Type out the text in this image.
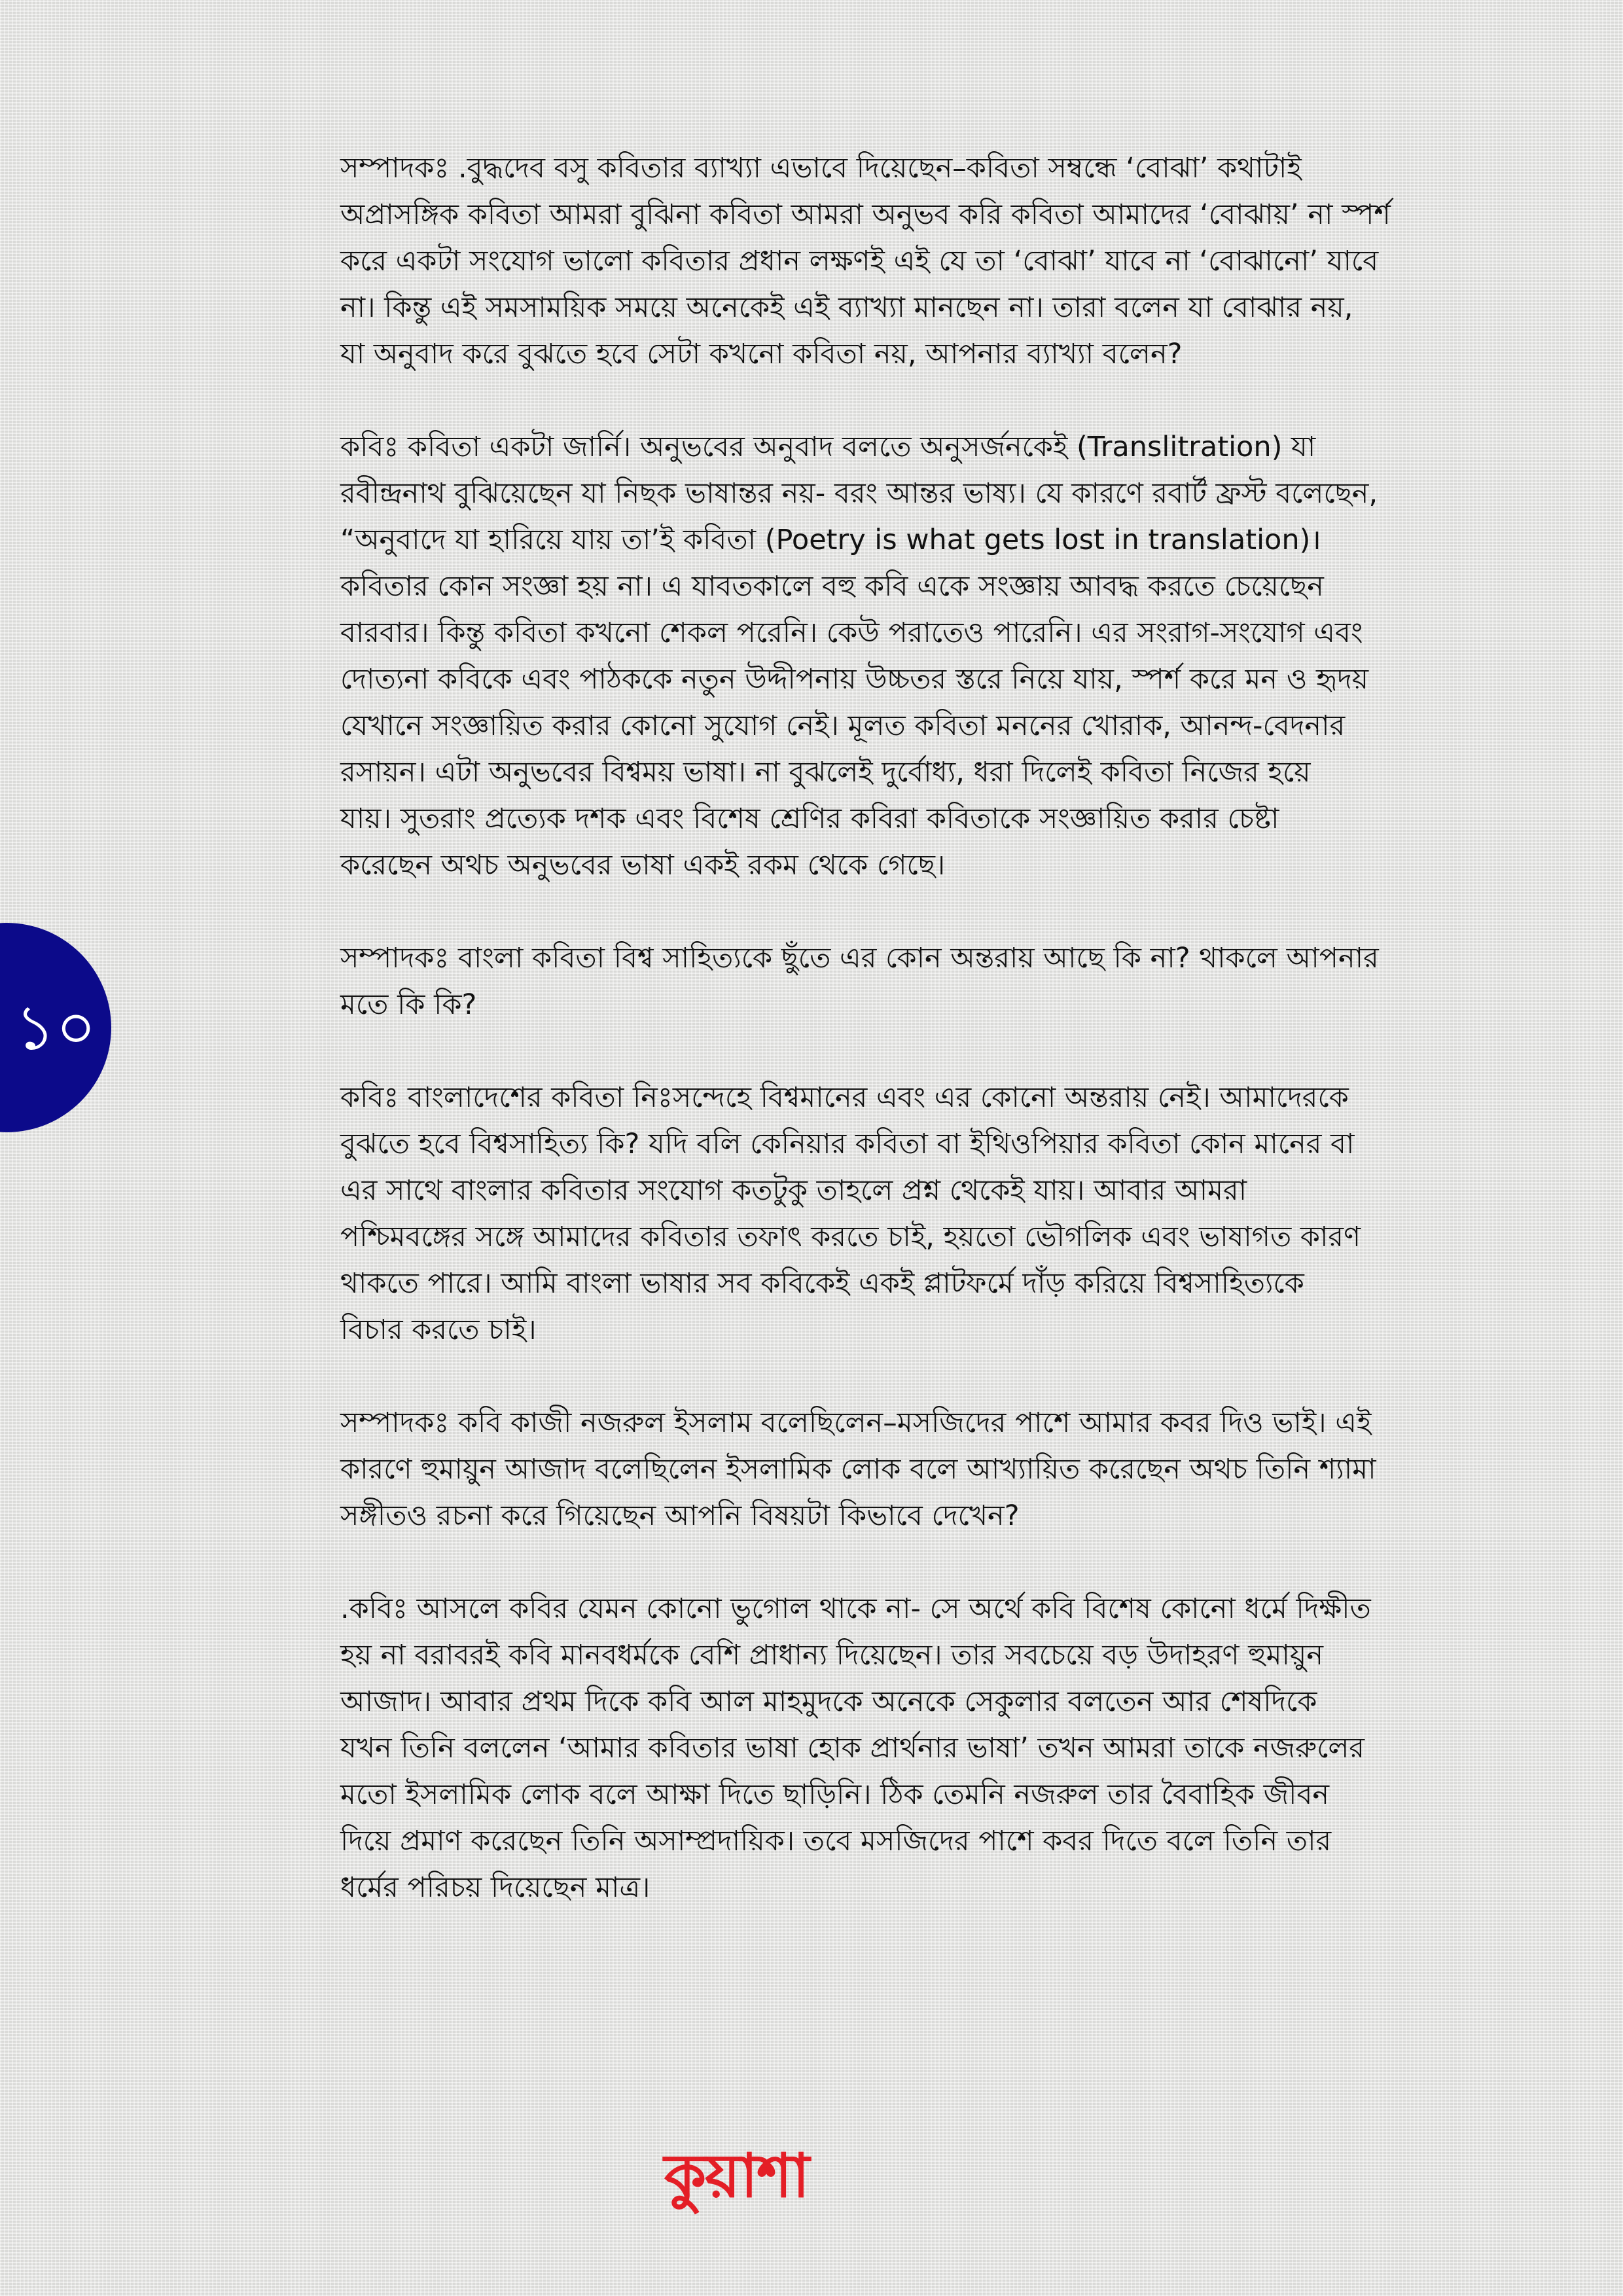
সম্পাদকঃ .বুদ্ধদেব বসু কবিতার ব্যাখ্যা এভাবে দিয়েছেন–কবিতা সম্বন্ধে ‘বোঝা’ কথাটাই
অপ্রাসঙ্গিক কবিতা আমরা বুঝিনা কবিতা আমরা অনুভব করি কবিতা আমাদের ‘বোঝায়’ না স্পর্শ
করে একটা সংযোগ ভালো কবিতার প্রধান লক্ষণই এই যে তা ‘বোঝা’ যাবে না ‘বোঝানো’ যাবে
না। কিন্তু এই সমসাময়িক সময়ে অনেকেই এই ব্যাখ্যা মানছেন না। তারা বলেন যা বোঝার নয়,
যা অনুবাদ করে বুঝতে হবে সেটা কখনো কবিতা নয়, আপনার ব্যাখ্যা বলেন?
কবিঃ কবিতা একটা জার্নি। অনুভবের অনুবাদ বলতে অনুসর্জনকেই (Translitration) যা
রবীন্দ্রনাথ বুঝিয়েছেন যা নিছক ভাষান্তর নয়- বরং আন্তর ভাষ্য। যে কারণে রবার্ট ফ্রস্ট বলেছেন,
“অনুবাদে যা হারিয়ে যায় তা’ই কবিতা (Poetry is what gets lost in translation)।
কবিতার কোন সংজ্ঞা হয় না। এ যাবতকালে বহু কবি একে সংজ্ঞায় আবদ্ধ করতে চেয়েছেন
বারবার। কিন্তু কবিতা কখনো শেকল পরেনি। কেউ পরাতেও পারেনি। এর সংরাগ-সংযোগ এবং
দোত্যনা কবিকে এবং পাঠককে নতুন উদ্দীপনায় উচ্চতর স্তরে নিয়ে যায়, স্পর্শ করে মন ও হৃদয়
যেখানে সংজ্ঞায়িত করার কোনো সুযোগ নেই। মূলত কবিতা মননের খোরাক, আনন্দ-বেদনার
রসায়ন। এটা অনুভবের বিশ্বময় ভাষা। না বুঝলেই দুর্বোধ্য, ধরা দিলেই কবিতা নিজের হয়ে
যায়। সুতরাং প্রত্যেক দশক এবং বিশেষ শ্রেণির কবিরা কবিতাকে সংজ্ঞায়িত করার চেষ্টা
করেছেন অথচ অনুভবের ভাষা একই রকম থেকে গেছে।
সম্পাদকঃ বাংলা কবিতা বিশ্ব সাহিত্যকে ছুঁতে এর কোন অন্তরায় আছে কি না? থাকলে আপনার
মতে কি কি?
কবিঃ বাংলাদেশের কবিতা নিঃসন্দেহে বিশ্বমানের এবং এর কোনো অন্তরায় নেই। আমাদেরকে
বুঝতে হবে বিশ্বসাহিত্য কি? যদি বলি কেনিয়ার কবিতা বা ইথিওপিয়ার কবিতা কোন মানের বা
এর সাথে বাংলার কবিতার সংযোগ কতটুকু তাহলে প্রশ্ন থেকেই যায়। আবার আমরা
পশ্চিমবঙ্গের সঙ্গে আমাদের কবিতার তফাৎ করতে চাই, হয়তো ভৌগলিক এবং ভাষাগত কারণ
থাকতে পারে। আমি বাংলা ভাষার সব কবিকেই একই প্লাটফর্মে দাঁড় করিয়ে বিশ্বসাহিত্যকে
বিচার করতে চাই।
সম্পাদকঃ কবি কাজী নজরুল ইসলাম বলেছিলেন–মসজিদের পাশে আমার কবর দিও ভাই। এই
কারণে হুমায়ুন আজাদ বলেছিলেন ইসলামিক লোক বলে আখ্যায়িত করেছেন অথচ তিনি শ্যামা
সঙ্গীতও রচনা করে গিয়েছেন আপনি বিষয়টা কিভাবে দেখেন?
.কবিঃ আসলে কবির যেমন কোনো ভুগোল থাকে না- সে অর্থে কবি বিশেষ কোনো ধর্মে দিক্ষীত
হয় না বরাবরই কবি মানবধর্মকে বেশি প্রাধান্য দিয়েছেন। তার সবচেয়ে বড় উদাহরণ হুমায়ুন
আজাদ। আবার প্রথম দিকে কবি আল মাহমুদকে অনেকে সেকুলার বলতেন আর শেষদিকে
যখন তিনি বললেন ‘আমার কবিতার ভাষা হোক প্রার্থনার ভাষা’ তখন আমরা তাকে নজরুলের
মতো ইসলামিক লোক বলে আক্ষা দিতে ছাড়িনি। ঠিক তেমনি নজরুল তার বৈবাহিক জীবন
দিয়ে প্রমাণ করেছেন তিনি অসাম্প্রদায়িক। তবে মসজিদের পাশে কবর দিতে বলে তিনি তার
ধর্মের পরিচয় দিয়েছেন মাত্র।
১০
কুয়াশা
